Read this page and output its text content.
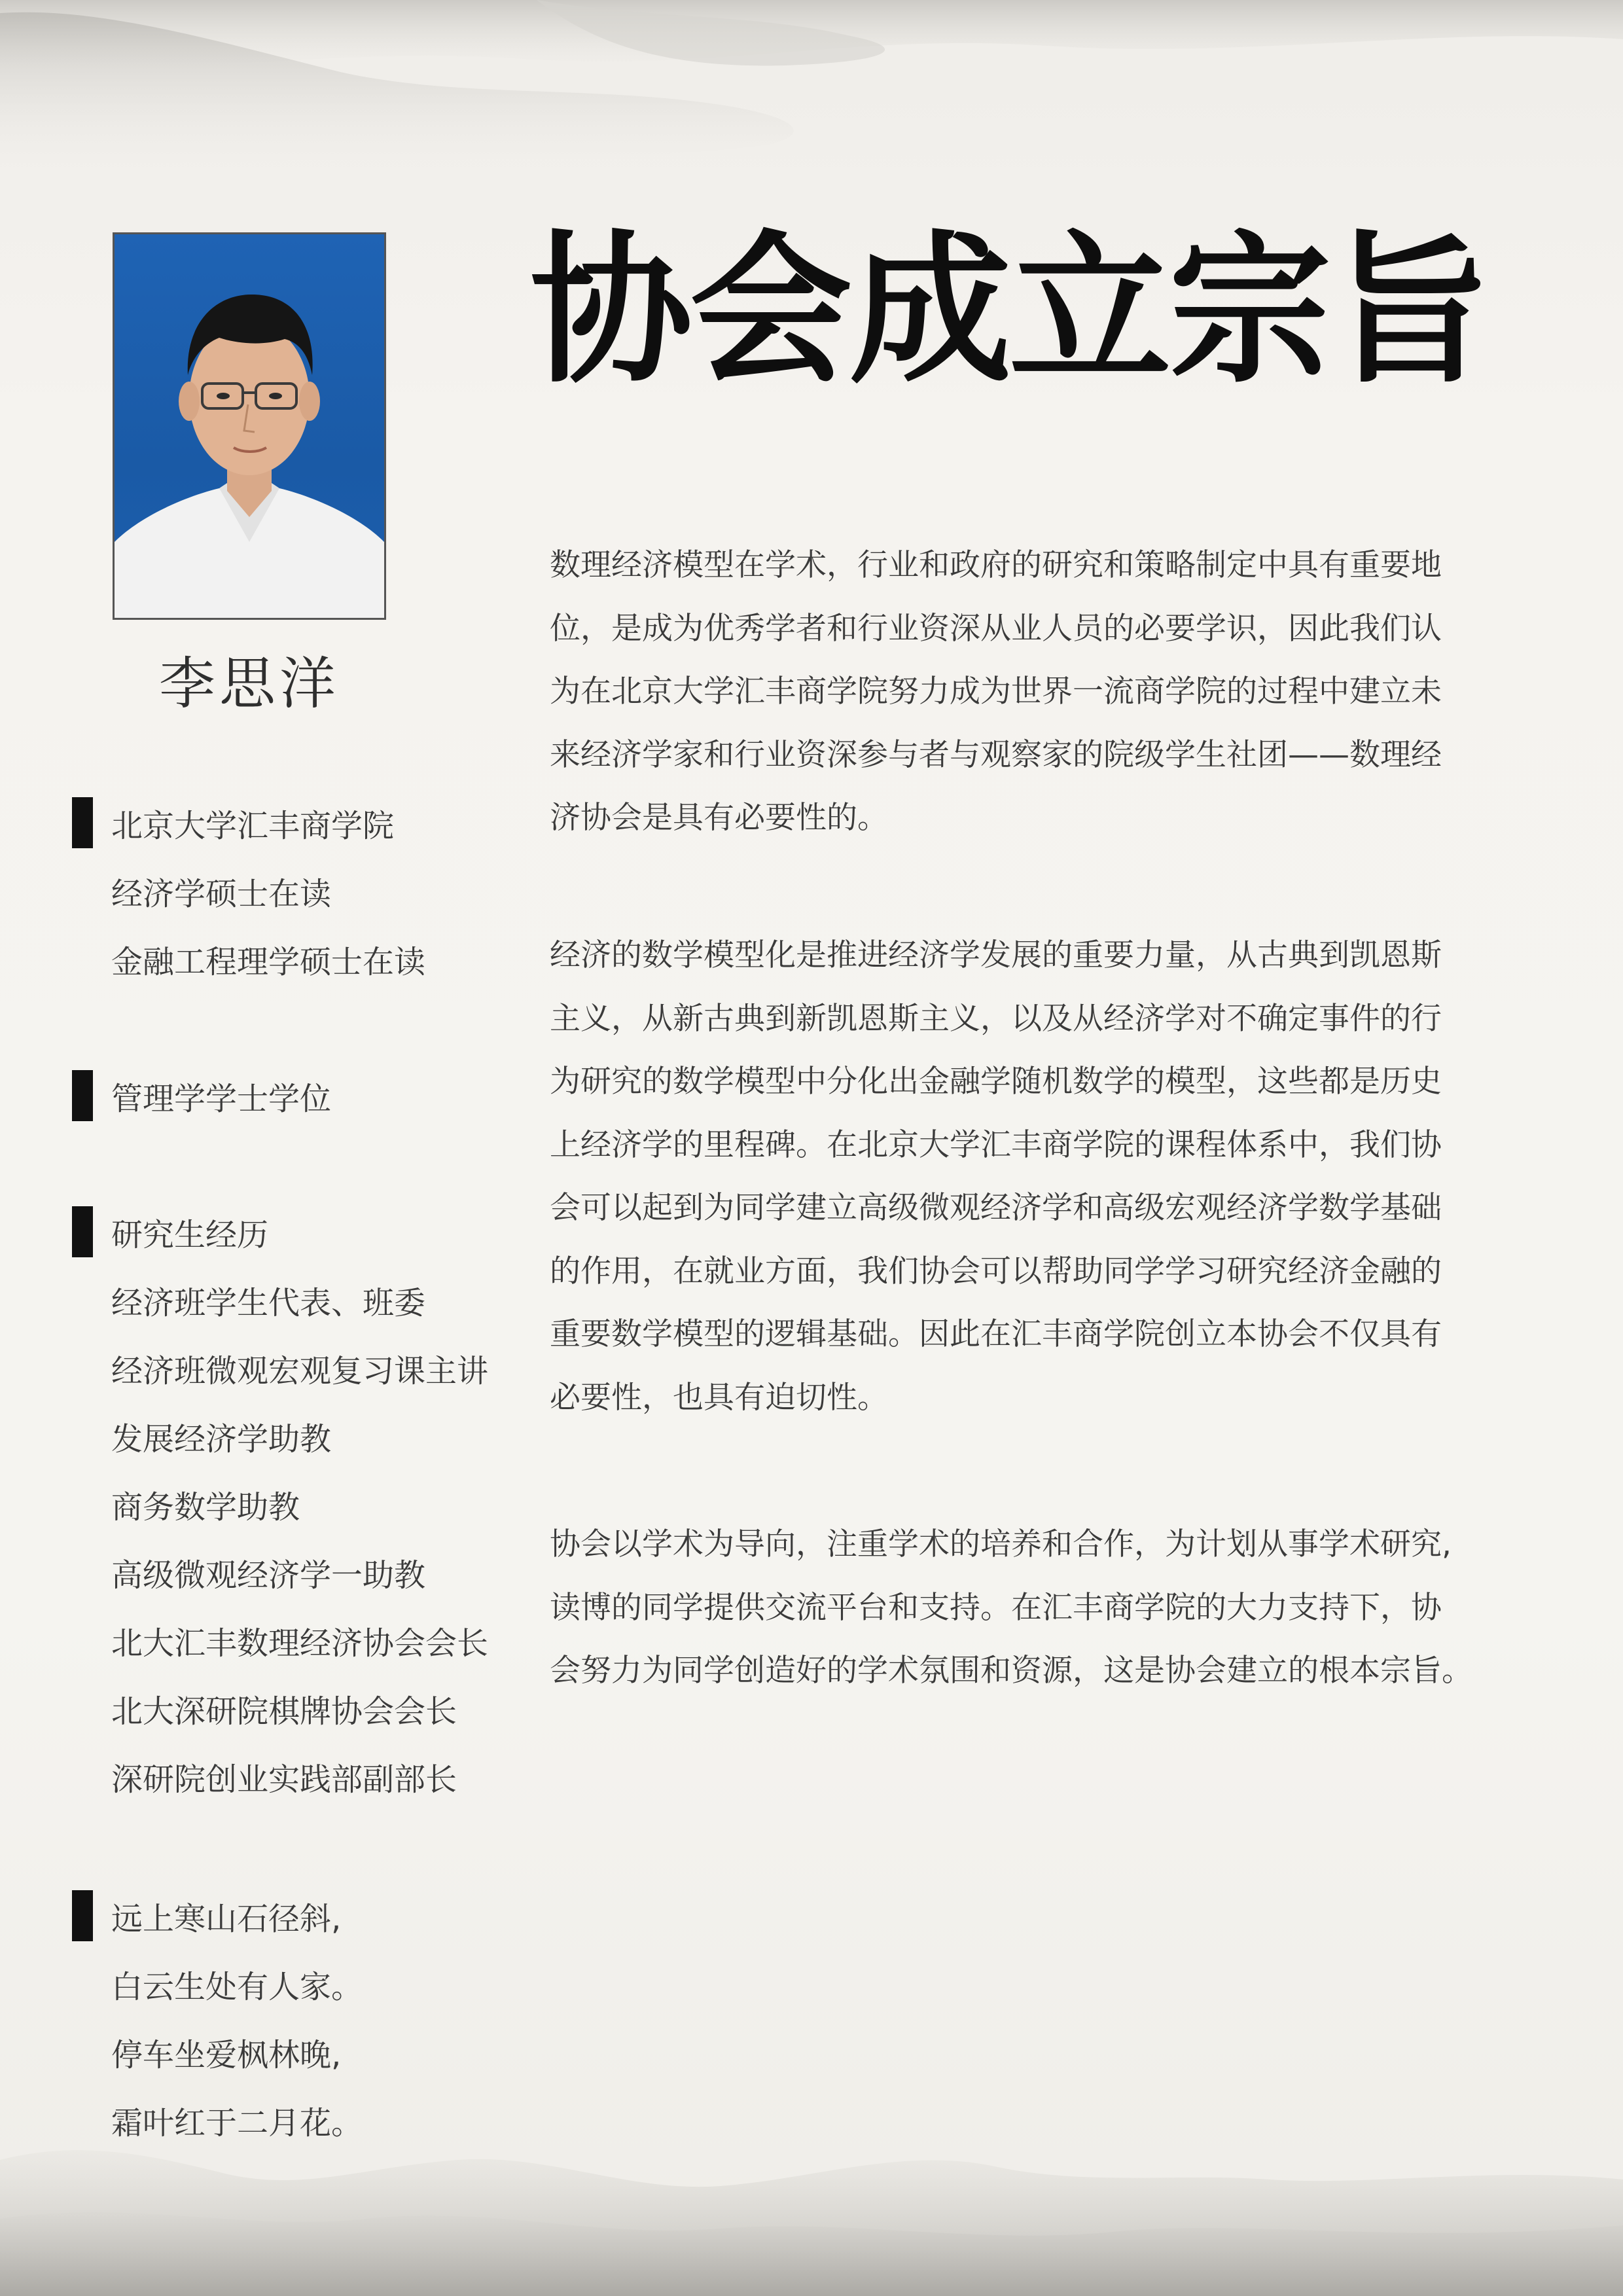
李思洋
协会成立宗旨
北京大学汇丰商学院
经济学硕士在读
金融工程理学硕士在读
管理学学士学位
研究生经历
经济班学生代表、班委
经济班微观宏观复习课主讲
发展经济学助教
商务数学助教
高级微观经济学一助教
北大汇丰数理经济协会会长
北大深研院棋牌协会会长
深研院创业实践部副部长
远上寒山石径斜,
白云生处有人家。
停车坐爱枫林晚,
霜叶红于二月花。
数理经济模型在学术，行业和政府的研究和策略制定中具有重要地
位，是成为优秀学者和行业资深从业人员的必要学识，因此我们认
为在北京大学汇丰商学院努力成为世界一流商学院的过程中建立未
来经济学家和行业资深参与者与观察家的院级学生社团——数理经
济协会是具有必要性的。
经济的数学模型化是推进经济学发展的重要力量，从古典到凯恩斯
主义，从新古典到新凯恩斯主义，以及从经济学对不确定事件的行
为研究的数学模型中分化出金融学随机数学的模型，这些都是历史
上经济学的里程碑。在北京大学汇丰商学院的课程体系中，我们协
会可以起到为同学建立高级微观经济学和高级宏观经济学数学基础
的作用，在就业方面，我们协会可以帮助同学学习研究经济金融的
重要数学模型的逻辑基础。因此在汇丰商学院创立本协会不仅具有
必要性，也具有迫切性。
协会以学术为导向，注重学术的培养和合作，为计划从事学术研究,
读博的同学提供交流平台和支持。在汇丰商学院的大力支持下，协
会努力为同学创造好的学术氛围和资源，这是协会建立的根本宗旨。
